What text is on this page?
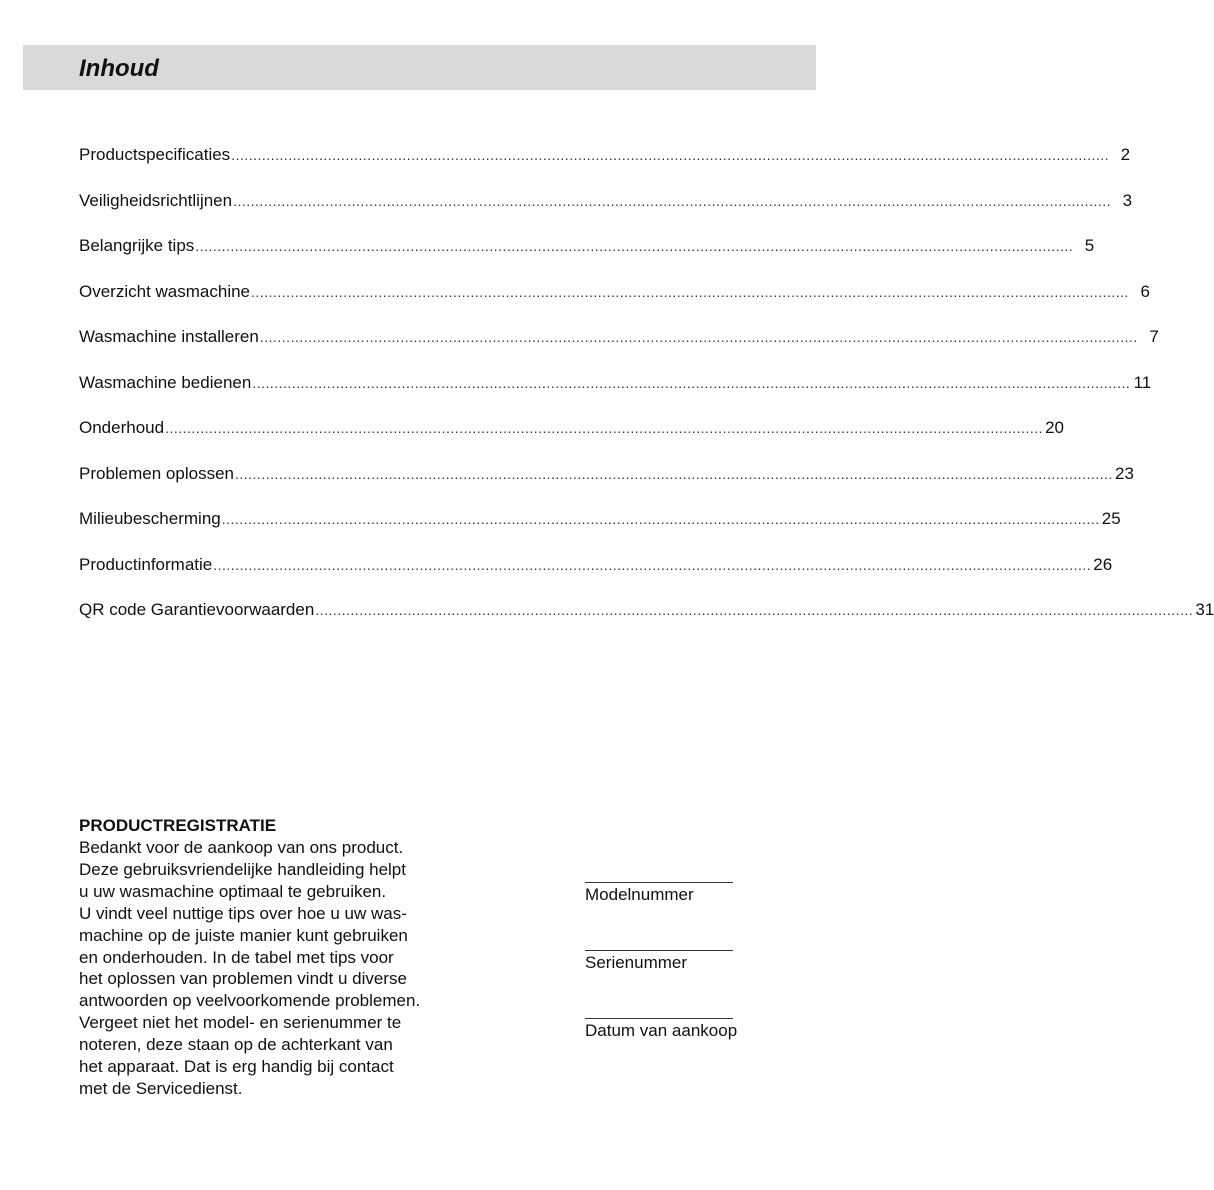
Inhoud
Productspecificaties ........................................................................................................................................................................................................ 2
Veiligheidsrichtlijnen ........................................................................................................................................................................................................ 3
Belangrijke tips ........................................................................................................................................................................................................ 5
Overzicht wasmachine ........................................................................................................................................................................................................ 6
Wasmachine installeren ........................................................................................................................................................................................................ 7
Wasmachine bedienen ........................................................................................................................................................................................................ 11
Onderhoud ........................................................................................................................................................................................................ 20
Problemen oplossen ........................................................................................................................................................................................................ 23
Milieubescherming ........................................................................................................................................................................................................ 25
Productinformatie ........................................................................................................................................................................................................ 26
QR code Garantievoorwaarden ........................................................................................................................................................................................................ 31
PRODUCTREGISTRATIE
Bedankt voor de aankoop van ons product.
Deze gebruiksvriendelijke handleiding helpt
u uw wasmachine optimaal te gebruiken.
U vindt veel nuttige tips over hoe u uw was-
machine op de juiste manier kunt gebruiken
en onderhouden. In de tabel met tips voor
het oplossen van problemen vindt u diverse
antwoorden op veelvoorkomende problemen.
Vergeet niet het model- en serienummer te
noteren, deze staan op de achterkant van
het apparaat. Dat is erg handig bij contact
met de Servicedienst.
Modelnummer
Serienummer
Datum van aankoop
